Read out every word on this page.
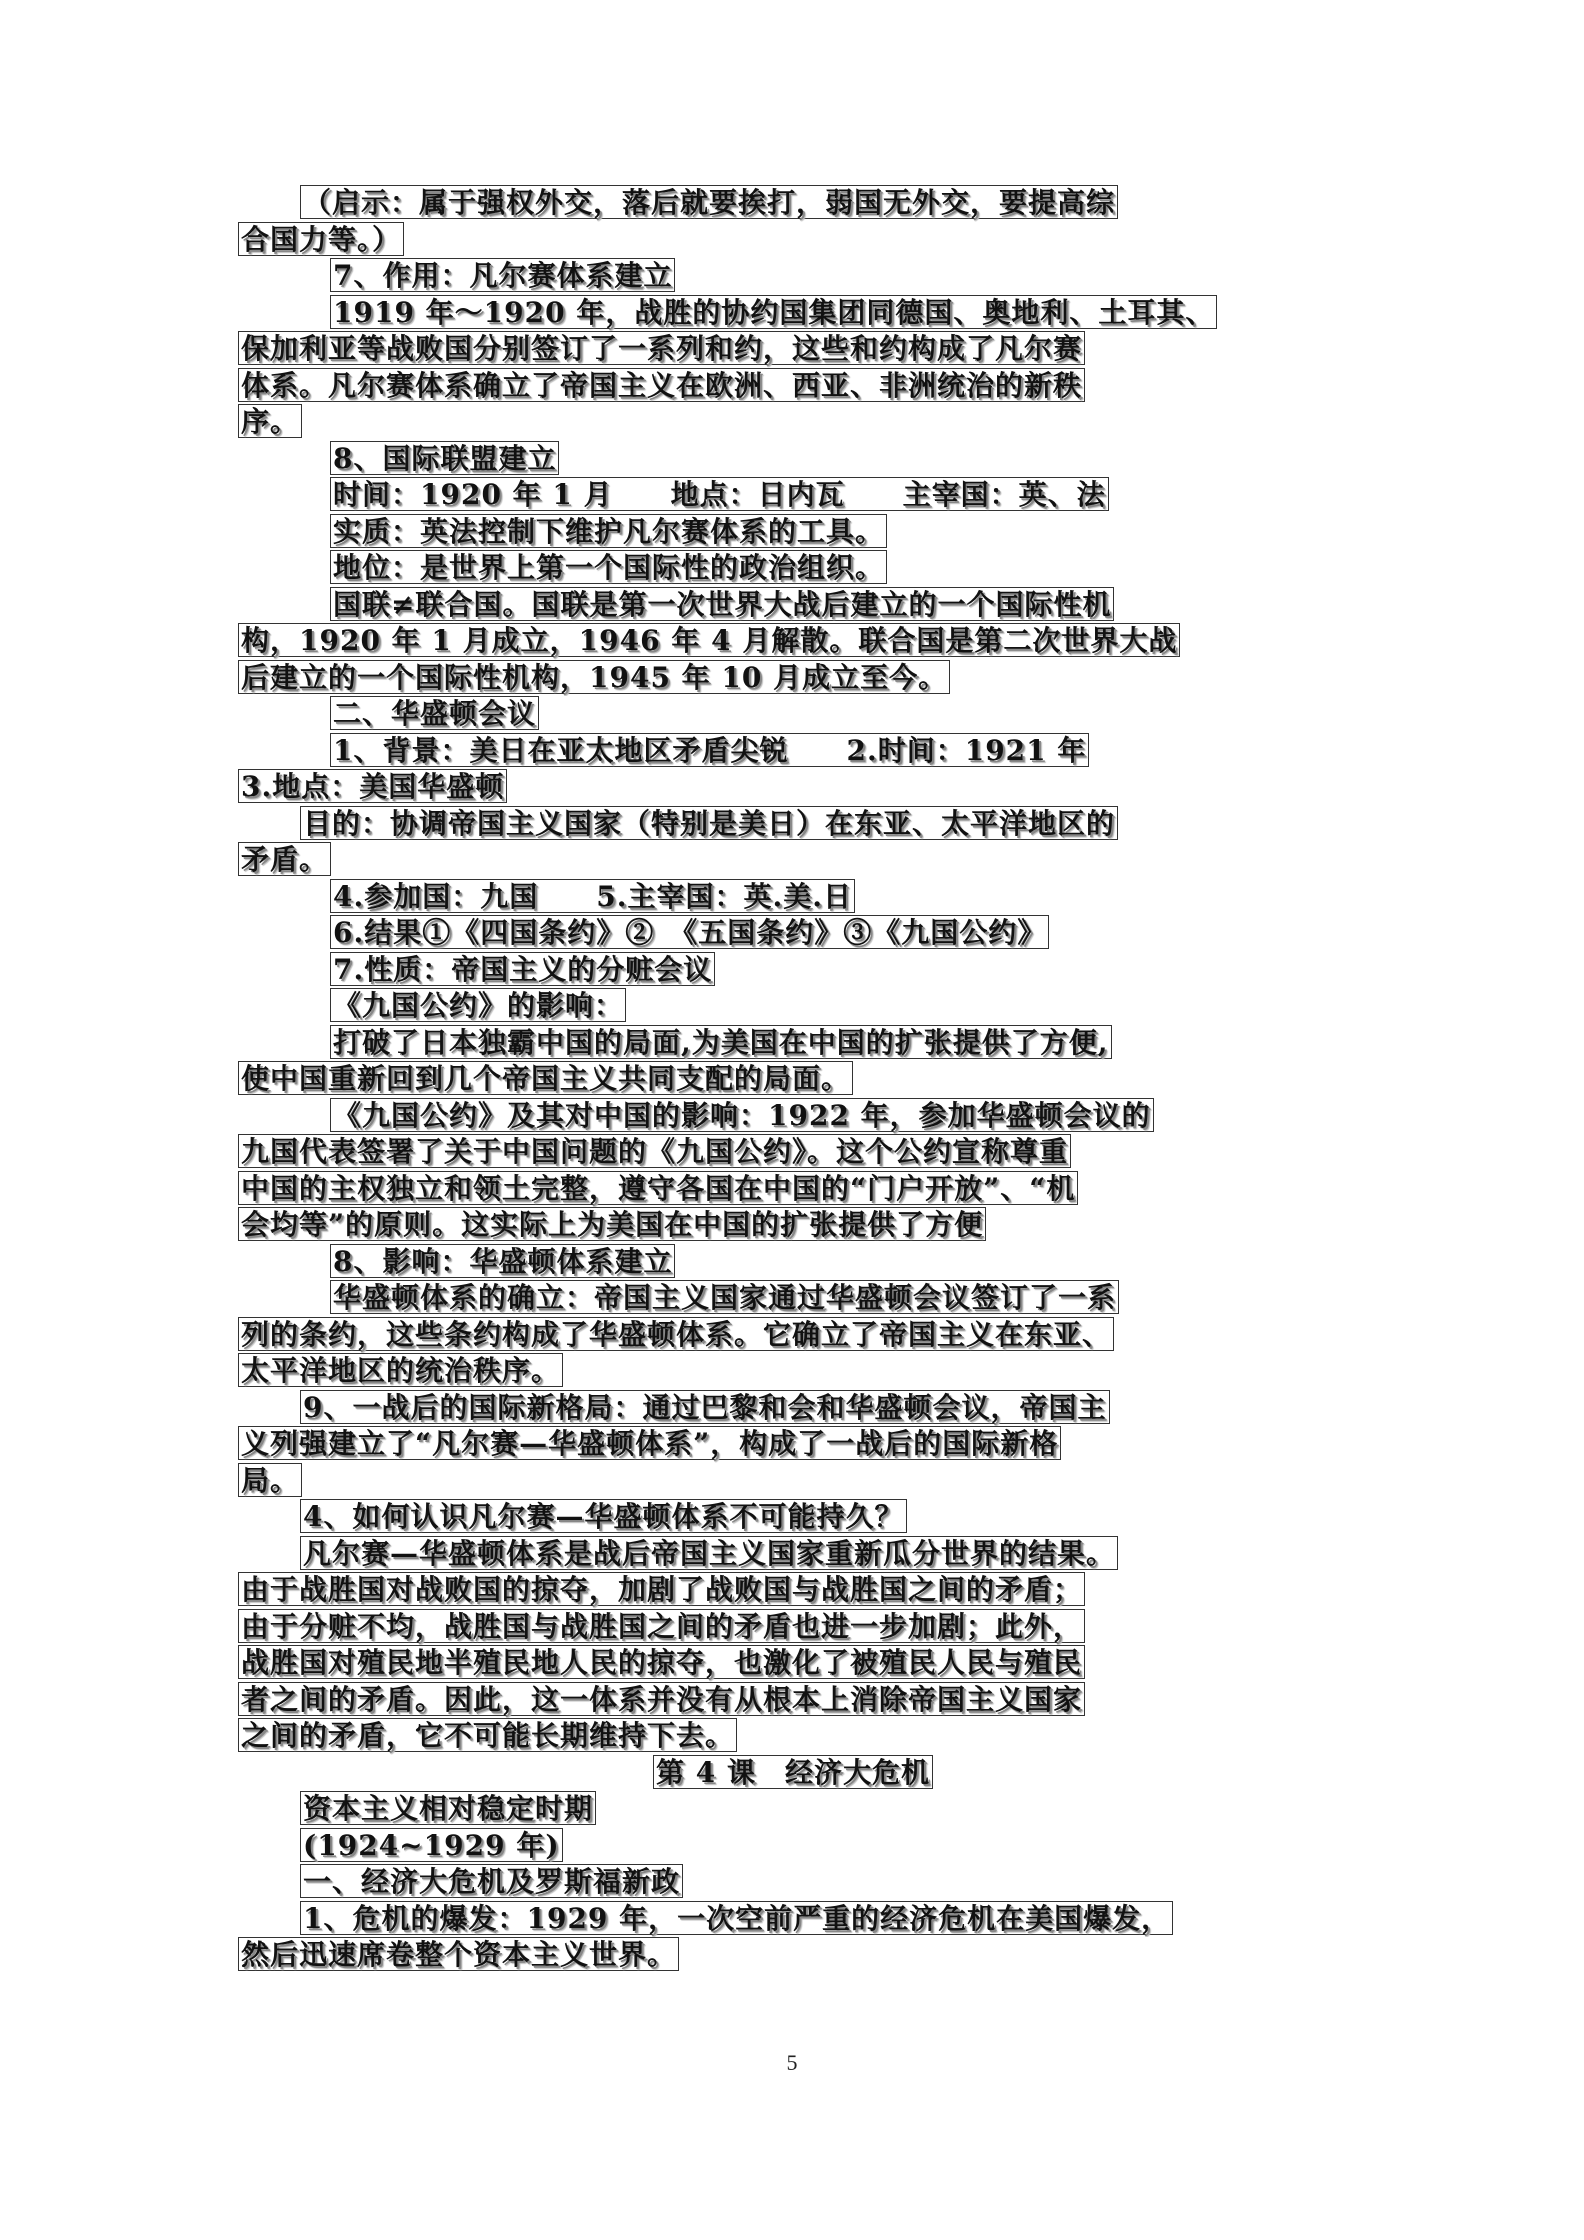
（启示：属于强权外交，落后就要挨打，弱国无外交，要提高综
合国力等。）
7、作用：凡尔赛体系建立
1919 年～1920 年，战胜的协约国集团同德国、奥地利、土耳其、
保加利亚等战败国分别签订了一系列和约，这些和约构成了凡尔赛
体系。凡尔赛体系确立了帝国主义在欧洲、西亚、非洲统治的新秩
序。
8、国际联盟建立
时间：1920 年 1 月　　地点：日内瓦　　主宰国：英、法
实质：英法控制下维护凡尔赛体系的工具。
地位：是世界上第一个国际性的政治组织。
国联≠联合国。国联是第一次世界大战后建立的一个国际性机
构，1920 年 1 月成立，1946 年 4 月解散。联合国是第二次世界大战
后建立的一个国际性机构，1945 年 10 月成立至今。
二、华盛顿会议
1、背景：美日在亚太地区矛盾尖锐　　2.时间：1921 年
3.地点：美国华盛顿
目的：协调帝国主义国家（特别是美日）在东亚、太平洋地区的
矛盾。
4.参加国：九国　　5.主宰国：英.美.日
6.结果①《四国条约》②　《五国条约》③《九国公约》
7.性质：帝国主义的分赃会议
《九国公约》的影响：
打破了日本独霸中国的局面,为美国在中国的扩张提供了方便,
使中国重新回到几个帝国主义共同支配的局面。
《九国公约》及其对中国的影响：1922 年，参加华盛顿会议的
九国代表签署了关于中国问题的《九国公约》。这个公约宣称尊重
中国的主权独立和领土完整，遵守各国在中国的“门户开放”、“机
会均等”的原则。这实际上为美国在中国的扩张提供了方便
8、影响：华盛顿体系建立
华盛顿体系的确立：帝国主义国家通过华盛顿会议签订了一系
列的条约，这些条约构成了华盛顿体系。它确立了帝国主义在东亚、
太平洋地区的统治秩序。
9、一战后的国际新格局：通过巴黎和会和华盛顿会议，帝国主
义列强建立了“凡尔赛—华盛顿体系”，构成了一战后的国际新格
局。
4、如何认识凡尔赛—华盛顿体系不可能持久？
凡尔赛—华盛顿体系是战后帝国主义国家重新瓜分世界的结果。
由于战胜国对战败国的掠夺，加剧了战败国与战胜国之间的矛盾；
由于分赃不均，战胜国与战胜国之间的矛盾也进一步加剧；此外，
战胜国对殖民地半殖民地人民的掠夺，也激化了被殖民人民与殖民
者之间的矛盾。因此，这一体系并没有从根本上消除帝国主义国家
之间的矛盾，它不可能长期维持下去。
第 4 课　经济大危机
资本主义相对稳定时期
(1924~1929 年)
一、经济大危机及罗斯福新政
1、危机的爆发：1929 年，一次空前严重的经济危机在美国爆发，
然后迅速席卷整个资本主义世界。
5
